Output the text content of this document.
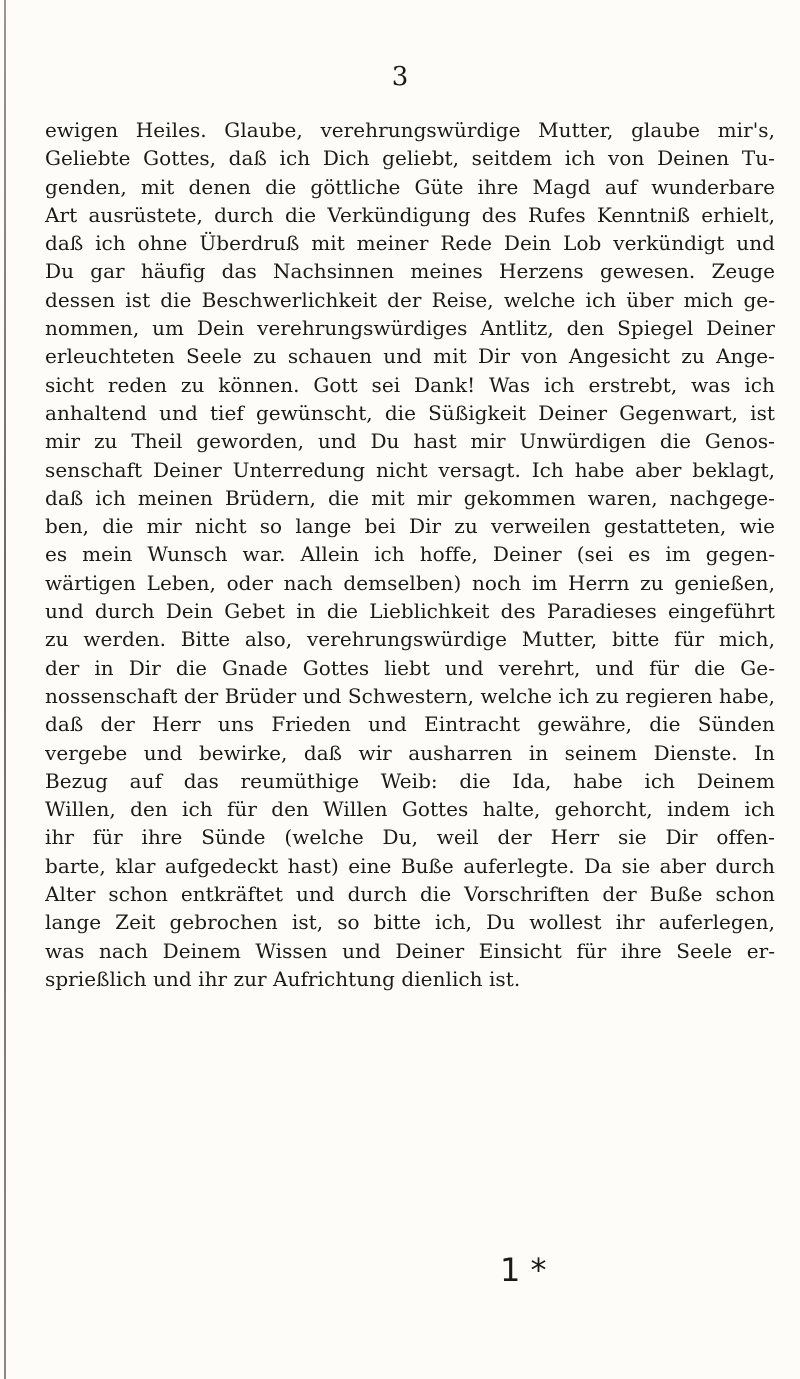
3
ewigen Heiles. Glaube, verehrungswürdige Mutter, glaube mir's,
Geliebte Gottes, daß ich Dich geliebt, seitdem ich von Deinen Tu-
genden, mit denen die göttliche Güte ihre Magd auf wunderbare
Art ausrüstete, durch die Verkündigung des Rufes Kenntniß erhielt,
daß ich ohne Überdruß mit meiner Rede Dein Lob verkündigt und
Du gar häufig das Nachsinnen meines Herzens gewesen. Zeuge
dessen ist die Beschwerlichkeit der Reise, welche ich über mich ge-
nommen, um Dein verehrungswürdiges Antlitz, den Spiegel Deiner
erleuchteten Seele zu schauen und mit Dir von Angesicht zu Ange-
sicht reden zu können. Gott sei Dank! Was ich erstrebt, was ich
anhaltend und tief gewünscht, die Süßigkeit Deiner Gegenwart, ist
mir zu Theil geworden, und Du hast mir Unwürdigen die Genos-
senschaft Deiner Unterredung nicht versagt. Ich habe aber beklagt,
daß ich meinen Brüdern, die mit mir gekommen waren, nachgege-
ben, die mir nicht so lange bei Dir zu verweilen gestatteten, wie
es mein Wunsch war. Allein ich hoffe, Deiner (sei es im gegen-
wärtigen Leben, oder nach demselben) noch im Herrn zu genießen,
und durch Dein Gebet in die Lieblichkeit des Paradieses eingeführt
zu werden. Bitte also, verehrungswürdige Mutter, bitte für mich,
der in Dir die Gnade Gottes liebt und verehrt, und für die Ge-
nossenschaft der Brüder und Schwestern, welche ich zu regieren habe,
daß der Herr uns Frieden und Eintracht gewähre, die Sünden
vergebe und bewirke, daß wir ausharren in seinem Dienste. In
Bezug auf das reumüthige Weib: die Ida, habe ich Deinem
Willen, den ich für den Willen Gottes halte, gehorcht, indem ich
ihr für ihre Sünde (welche Du, weil der Herr sie Dir offen-
barte, klar aufgedeckt hast) eine Buße auferlegte. Da sie aber durch
Alter schon entkräftet und durch die Vorschriften der Buße schon
lange Zeit gebrochen ist, so bitte ich, Du wollest ihr auferlegen,
was nach Deinem Wissen und Deiner Einsicht für ihre Seele er-
sprießlich und ihr zur Aufrichtung dienlich ist.
1 *
